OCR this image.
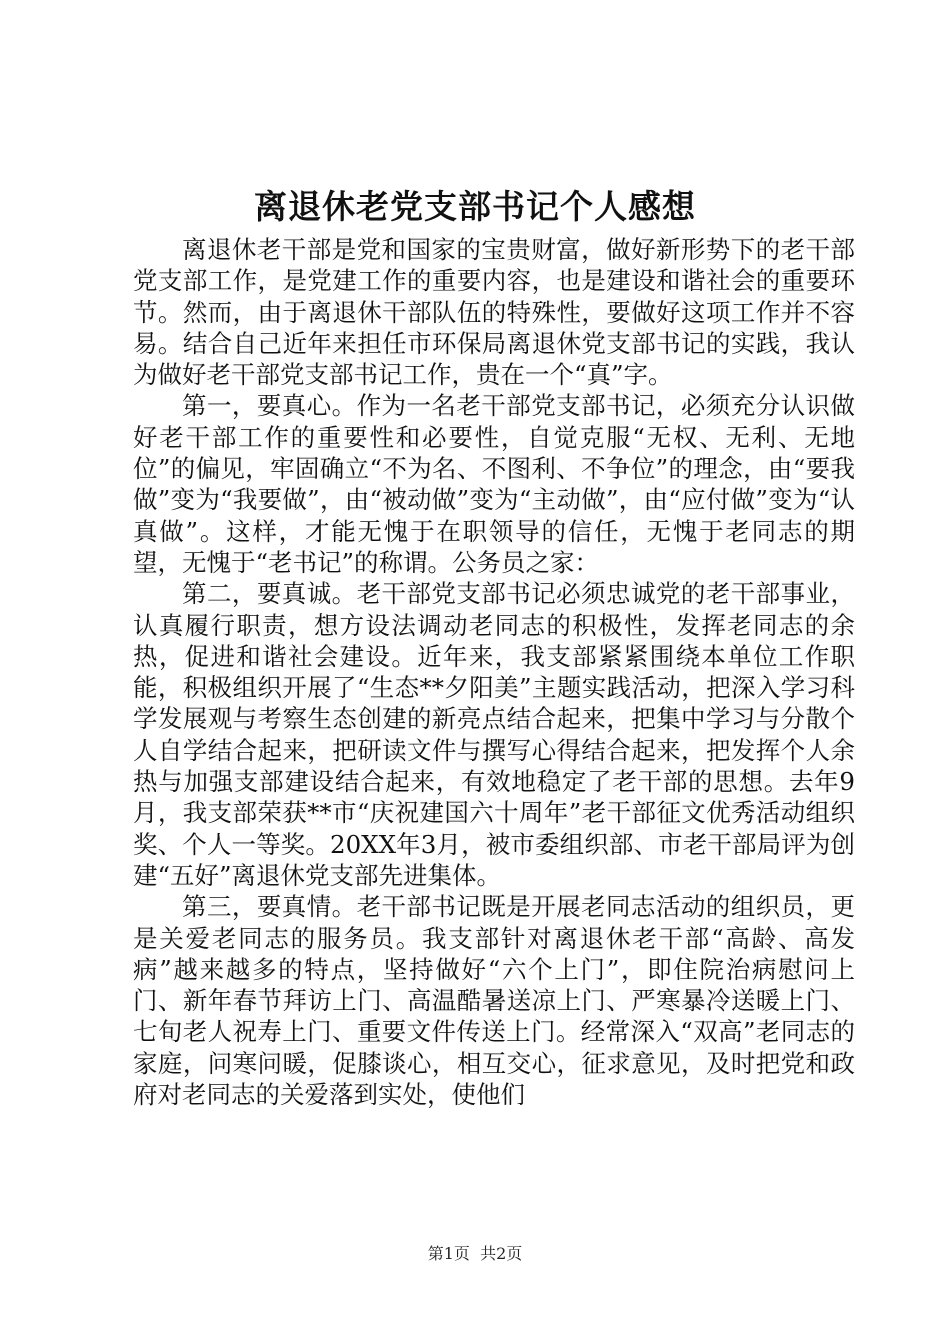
离退休老党支部书记个人感想

离退休老干部是党和国家的宝贵财富，做好新形势下的老干部党支部工作，是党建工作的重要内容，也是建设和谐社会的重要环节。然而，由于离退休干部队伍的特殊性，要做好这项工作并不容易。结合自己近年来担任市环保局离退休党支部书记的实践，我认为做好老干部党支部书记工作，贵在一个“真”字。

第一，要真心。作为一名老干部党支部书记，必须充分认识做好老干部工作的重要性和必要性，自觉克服“无权、无利、无地位”的偏见，牢固确立“不为名、不图利、不争位”的理念，由“要我做”变为“我要做”，由“被动做”变为“主动做”，由“应付做”变为“认真做”。这样，才能无愧于在职领导的信任，无愧于老同志的期望，无愧于“老书记”的称谓。公务员之家：

第二，要真诚。老干部党支部书记必须忠诚党的老干部事业，认真履行职责，想方设法调动老同志的积极性，发挥老同志的余热，促进和谐社会建设。近年来，我支部紧紧围绕本单位工作职能，积极组织开展了“生态**夕阳美”主题实践活动，把深入学习科学发展观与考察生态创建的新亮点结合起来，把集中学习与分散个人自学结合起来，把研读文件与撰写心得结合起来，把发挥个人余热与加强支部建设结合起来，有效地稳定了老干部的思想。去年9月，我支部荣获**市“庆祝建国六十周年”老干部征文优秀活动组织奖、个人一等奖。20XX年3月，被市委组织部、市老干部局评为创建“五好”离退休党支部先进集体。

第三，要真情。老干部书记既是开展老同志活动的组织员，更是关爱老同志的服务员。我支部针对离退休老干部“高龄、高发病”越来越多的特点，坚持做好“六个上门”，即住院治病慰问上门、新年春节拜访上门、高温酷暑送凉上门、严寒暴冷送暖上门、七旬老人祝寿上门、重要文件传送上门。经常深入“双高”老同志的家庭，问寒问暖，促膝谈心，相互交心，征求意见，及时把党和政府对老同志的关爱落到实处，使他们

第1页  共2页
